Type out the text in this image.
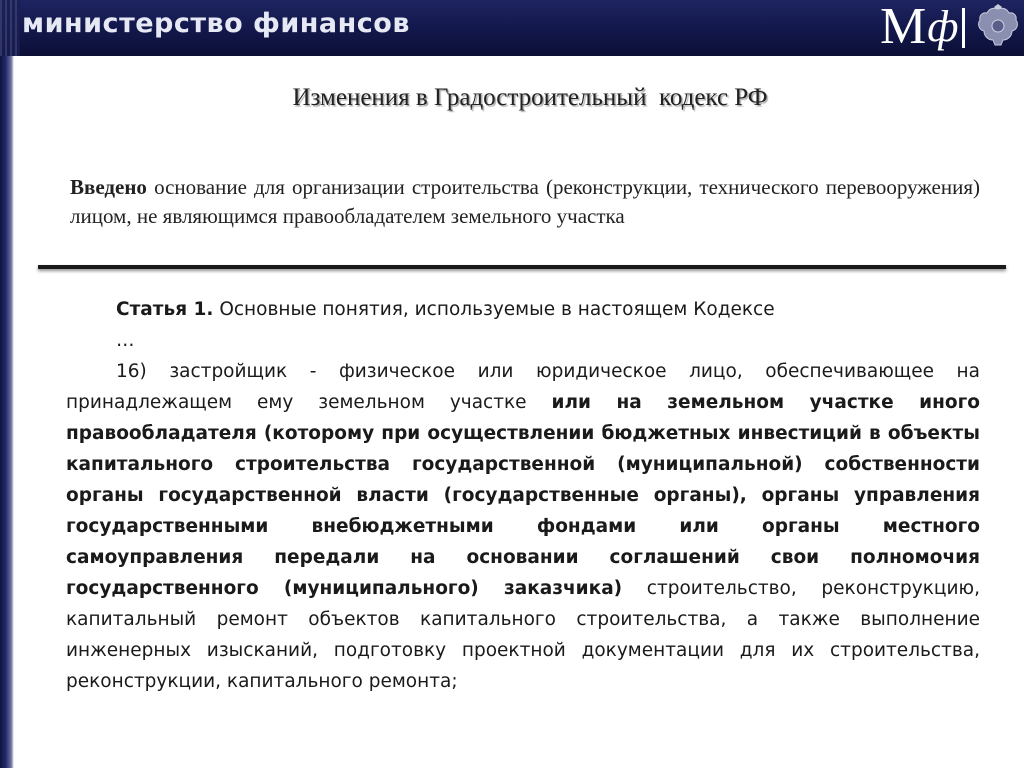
министерство финансов	М ф
Изменения в Градостроительный  кодекс РФ
Введено основание для организации строительства (реконструкции, технического перевооружения) лицом, не являющимся правообладателем земельного участка

Статья 1. Основные понятия, используемые в настоящем Кодексе

…

16) застройщик - физическое или юридическое лицо, обеспечивающее на принадлежащем ему земельном участке или на земельном участке иного правообладателя (которому при осуществлении бюджетных инвестиций в объекты капитального строительства государственной (муниципальной) собственности органы государственной власти (государственные органы), органы управления государственными внебюджетными фондами или органы местного самоуправления передали на основании соглашений свои полномочия государственного (муниципального) заказчика) строительство, реконструкцию, капитальный ремонт объектов капитального строительства, а также выполнение инженерных изысканий, подготовку проектной документации для их строительства, реконструкции, капитального ремонта;
